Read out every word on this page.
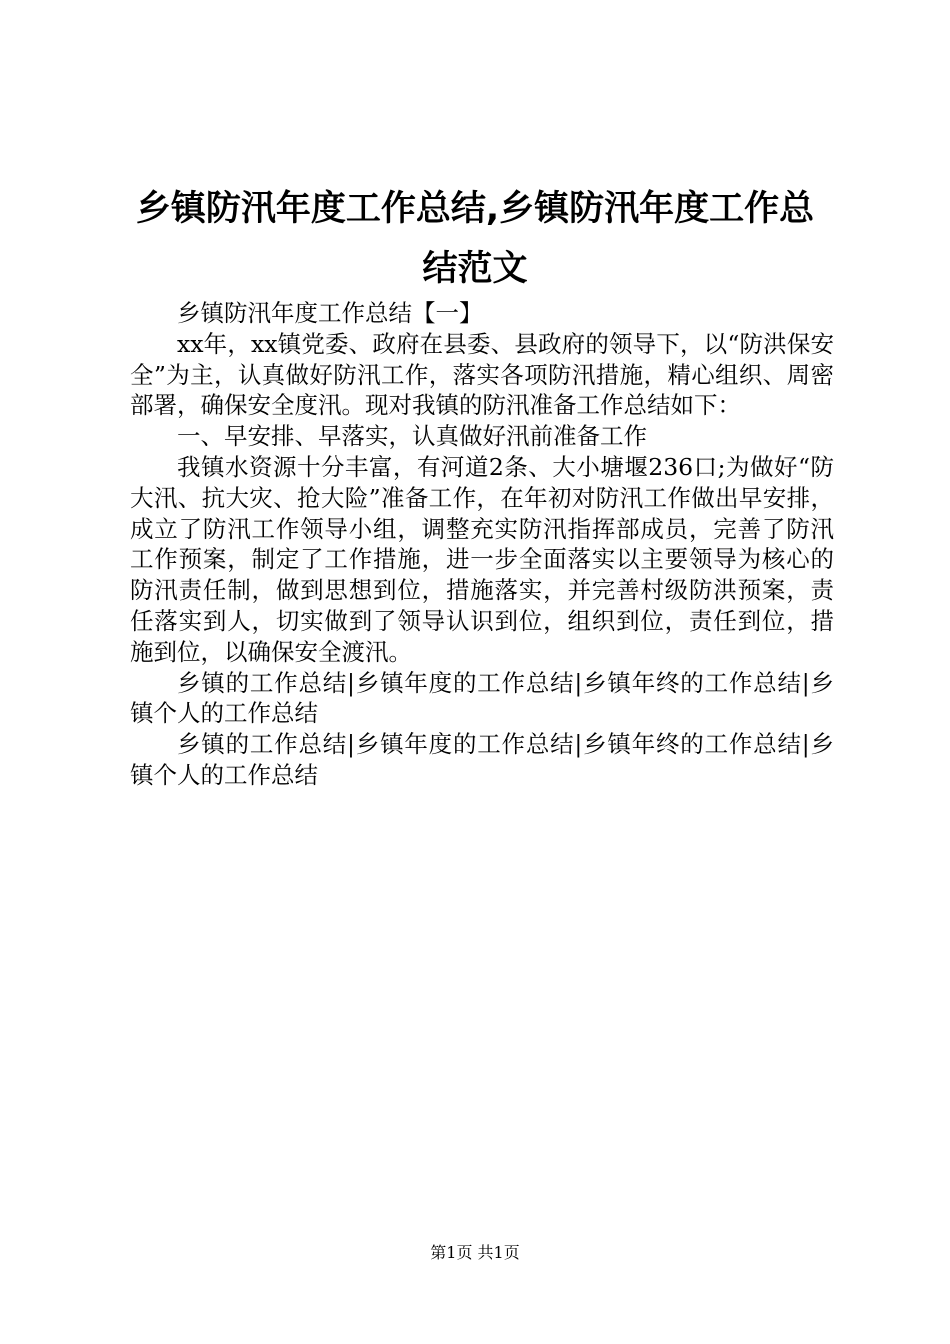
乡镇防汛年度工作总结,乡镇防汛年度工作总
结范文

乡镇防汛年度工作总结【一】

xx年，xx镇党委、政府在县委、县政府的领导下，以“防洪保安全”为主，认真做好防汛工作，落实各项防汛措施，精心组织、周密部署，确保安全度汛。现对我镇的防汛准备工作总结如下：

一、早安排、早落实，认真做好汛前准备工作

我镇水资源十分丰富，有河道2条、大小塘堰236口;为做好“防大汛、抗大灾、抢大险”准备工作，在年初对防汛工作做出早安排，成立了防汛工作领导小组，调整充实防汛指挥部成员，完善了防汛工作预案，制定了工作措施，进一步全面落实以主要领导为核心的防汛责任制，做到思想到位，措施落实，并完善村级防洪预案，责任落实到人，切实做到了领导认识到位，组织到位，责任到位，措施到位，以确保安全渡汛。

乡镇的工作总结|乡镇年度的工作总结|乡镇年终的工作总结|乡镇个人的工作总结

乡镇的工作总结|乡镇年度的工作总结|乡镇年终的工作总结|乡镇个人的工作总结

第1页 共1页
